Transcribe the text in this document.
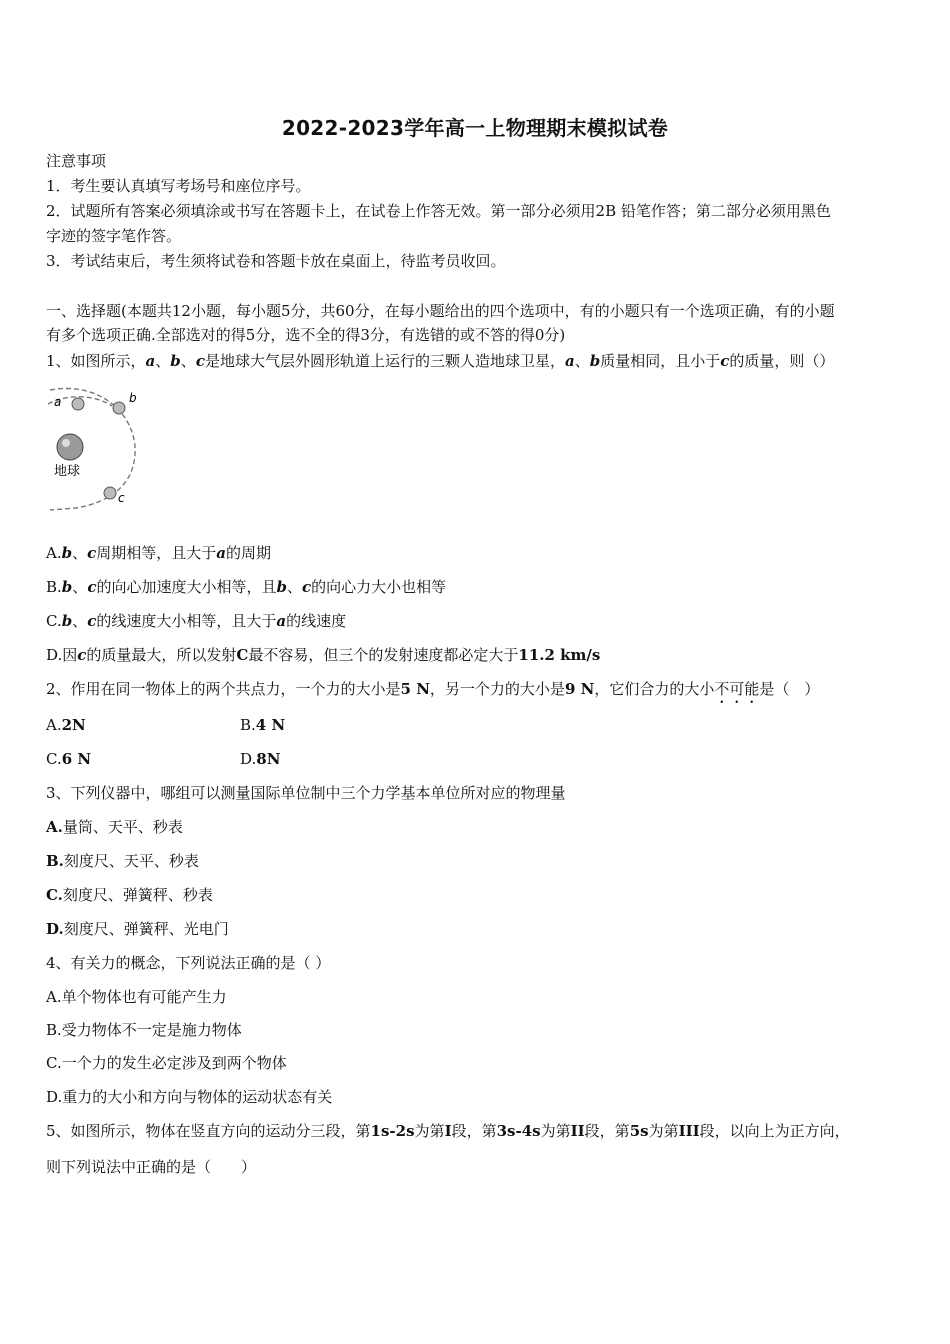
2022-2023学年高一上物理期末模拟试卷
注意事项
1．考生要认真填写考场号和座位序号。
2．试题所有答案必须填涂或书写在答题卡上，在试卷上作答无效。第一部分必须用2B 铅笔作答；第二部分必须用黑色
字迹的签字笔作答。
3．考试结束后，考生须将试卷和答题卡放在桌面上，待监考员收回。
一、选择题(本题共12小题，每小题5分，共60分，在每小题给出的四个选项中，有的小题只有一个选项正确，有的小题
有多个选项正确.全部选对的得5分，选不全的得3分，有选错的或不答的得0分)
1、如图所示，a、b、c是地球大气层外圆形轨道上运行的三颗人造地球卫星，a、b质量相同，且小于c的质量，则（）
a	b
c
地球
A.b、c周期相等，且大于a的周期
B.b、c的向心加速度大小相等，且b、c的向心力大小也相等
C.b、c的线速度大小相等，且大于a的线速度
D.因c的质量最大，所以发射C最不容易，但三个的发射速度都必定大于11.2 km/s
2、作用在同一物体上的两个共点力，一个力的大小是5 N，另一个力的大小是9 N，它们合力的大小不可能是（　）
A.2N	B.4 N
C.6 N	D.8N
3、下列仪器中，哪组可以测量国际单位制中三个力学基本单位所对应的物理量
A.量筒、天平、秒表
B.刻度尺、天平、秒表
C.刻度尺、弹簧秤、秒表
D.刻度尺、弹簧秤、光电门
4、有关力的概念，下列说法正确的是（ ）
A.单个物体也有可能产生力
B.受力物体不一定是施力物体
C.一个力的发生必定涉及到两个物体
D.重力的大小和方向与物体的运动状态有关
5、如图所示，物体在竖直方向的运动分三段，第1s-2s为第I段，第3s-4s为第II段，第5s为第III段，以向上为正方向，
则下列说法中正确的是（　　）
